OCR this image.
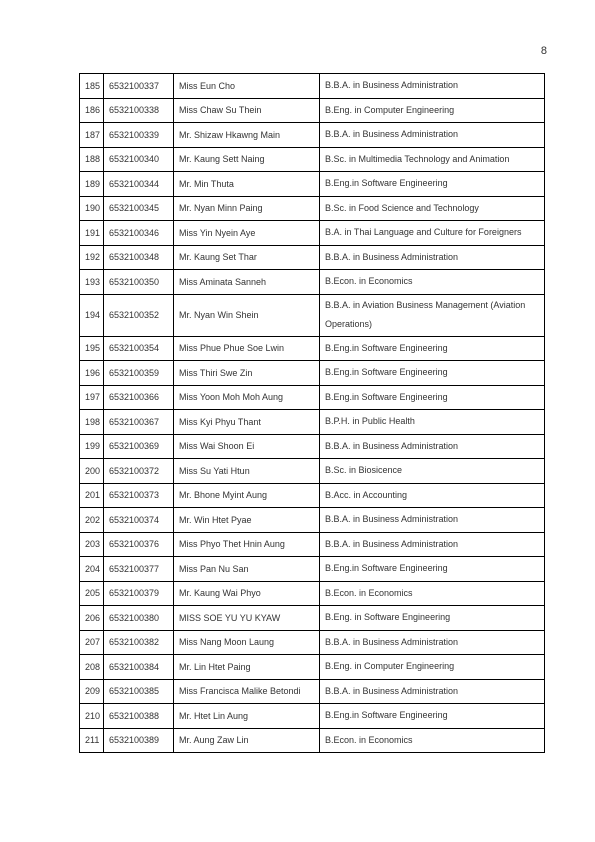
8
185	6532100337	Miss Eun Cho	B.B.A. in Business Administration
186	6532100338	Miss Chaw Su Thein	B.Eng. in Computer Engineering
187	6532100339	Mr. Shizaw Hkawng Main	B.B.A. in Business Administration
188	6532100340	Mr. Kaung Sett Naing	B.Sc. in Multimedia Technology and Animation
189	6532100344	Mr. Min Thuta	B.Eng.in Software Engineering
190	6532100345	Mr. Nyan Minn Paing	B.Sc. in Food Science and Technology
191	6532100346	Miss Yin Nyein Aye	B.A. in Thai Language and Culture for Foreigners
192	6532100348	Mr. Kaung Set Thar	B.B.A. in Business Administration
193	6532100350	Miss Aminata Sanneh	B.Econ. in Economics
194	6532100352	Mr. Nyan Win Shein	B.B.A. in Aviation Business Management (Aviation Operations)
195	6532100354	Miss Phue Phue Soe Lwin	B.Eng.in Software Engineering
196	6532100359	Miss Thiri Swe Zin	B.Eng.in Software Engineering
197	6532100366	Miss Yoon Moh Moh Aung	B.Eng.in Software Engineering
198	6532100367	Miss Kyi Phyu Thant	B.P.H. in Public Health
199	6532100369	Miss Wai Shoon Ei	B.B.A. in Business Administration
200	6532100372	Miss Su Yati Htun	B.Sc. in Biosicence
201	6532100373	Mr. Bhone Myint Aung	B.Acc. in Accounting
202	6532100374	Mr. Win Htet Pyae	B.B.A. in Business Administration
203	6532100376	Miss Phyo Thet Hnin Aung	B.B.A. in Business Administration
204	6532100377	Miss Pan Nu San	B.Eng.in Software Engineering
205	6532100379	Mr. Kaung Wai Phyo	B.Econ. in Economics
206	6532100380	MISS SOE YU YU KYAW	B.Eng. in Software Engineering
207	6532100382	Miss Nang Moon Laung	B.B.A. in Business Administration
208	6532100384	Mr. Lin Htet Paing	B.Eng. in Computer Engineering
209	6532100385	Miss Francisca Malike Betondi	B.B.A. in Business Administration
210	6532100388	Mr. Htet Lin Aung	B.Eng.in Software Engineering
211	6532100389	Mr. Aung Zaw Lin	B.Econ. in Economics
